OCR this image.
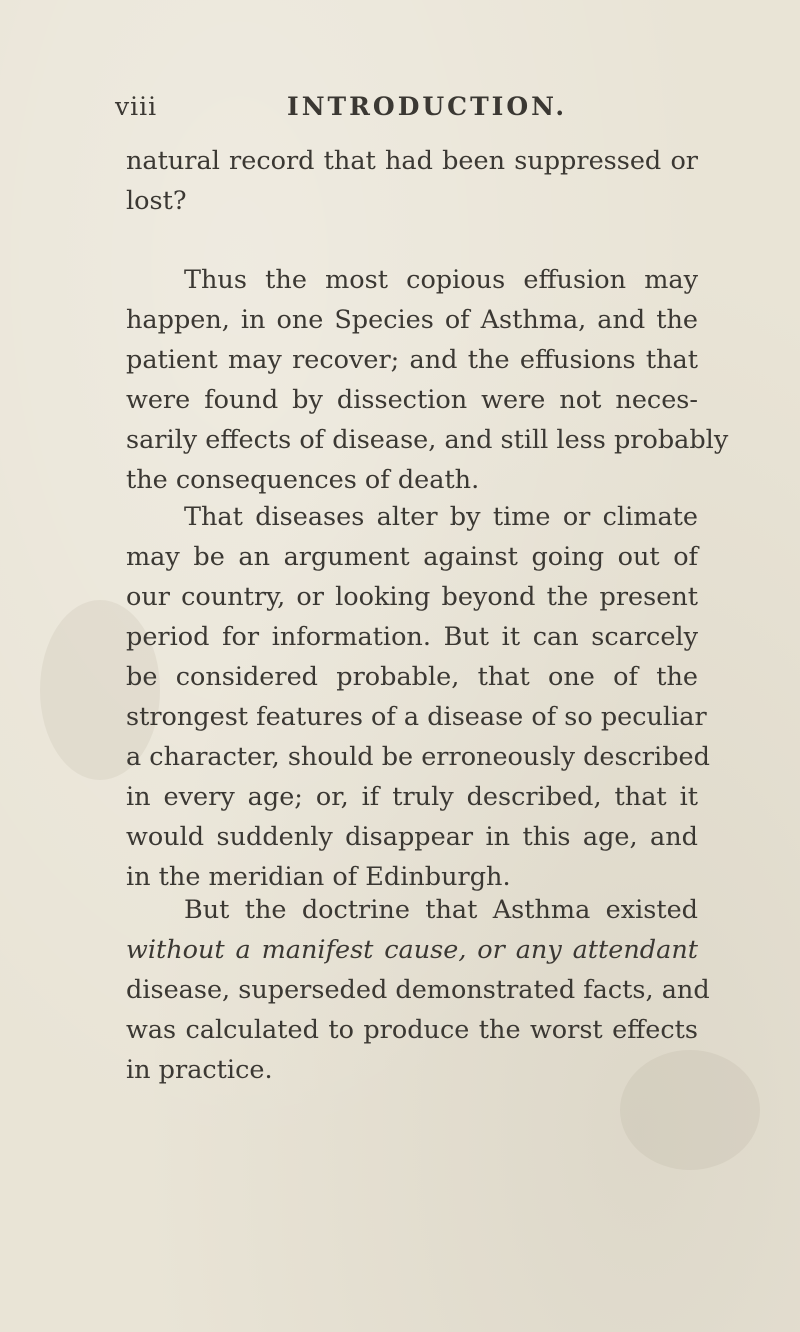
viii	INTRODUCTION.
natural record that had been suppressed or
lost?
Thus the most copious effusion may
happen, in one Species of Asthma, and the
patient may recover; and the effusions that
were found by dissection were not neces-
sarily effects of disease, and still less probably
the consequences of death.
That diseases alter by time or climate
may be an argument against going out of
our country, or looking beyond the present
period for information. But it can scarcely
be considered probable, that one of the
strongest features of a disease of so peculiar
a character, should be erroneously described
in every age; or, if truly described, that it
would suddenly disappear in this age, and
in the meridian of Edinburgh.
But the doctrine that Asthma existed
without a manifest cause, or any attendant
disease, superseded demonstrated facts, and
was calculated to produce the worst effects
in practice.
